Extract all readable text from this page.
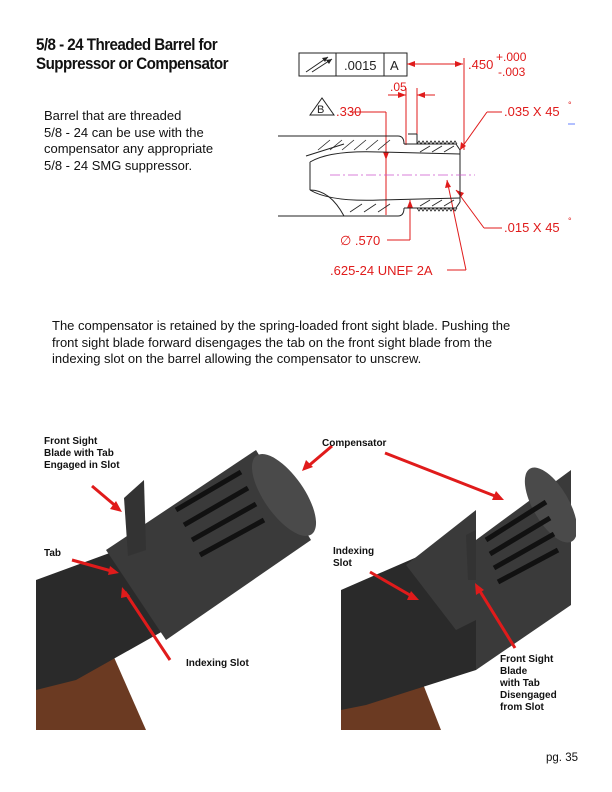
5/8 - 24 Threaded Barrel for
Suppressor or Compensator
Barrel that are threaded
5/8 - 24 can be use with the
compensator any appropriate
5/8 - 24 SMG suppressor.
.0015 A
B
.450 +.000
-.003
.05
.330	.035 X 45 °
.015 X 45 °
∅ .570
.625-24 UNEF 2A
The compensator is retained by the spring-loaded front sight blade. Pushing the
front sight blade forward disengages the tab on the front sight blade from the
indexing slot on the barrel allowing the compensator to unscrew.
Front Sight
Blade with Tab
Engaged in Slot
Compensator
Tab	Indexing
Slot
Indexing Slot	Front Sight
Blade
with Tab
Disengaged
from Slot
pg. 35
